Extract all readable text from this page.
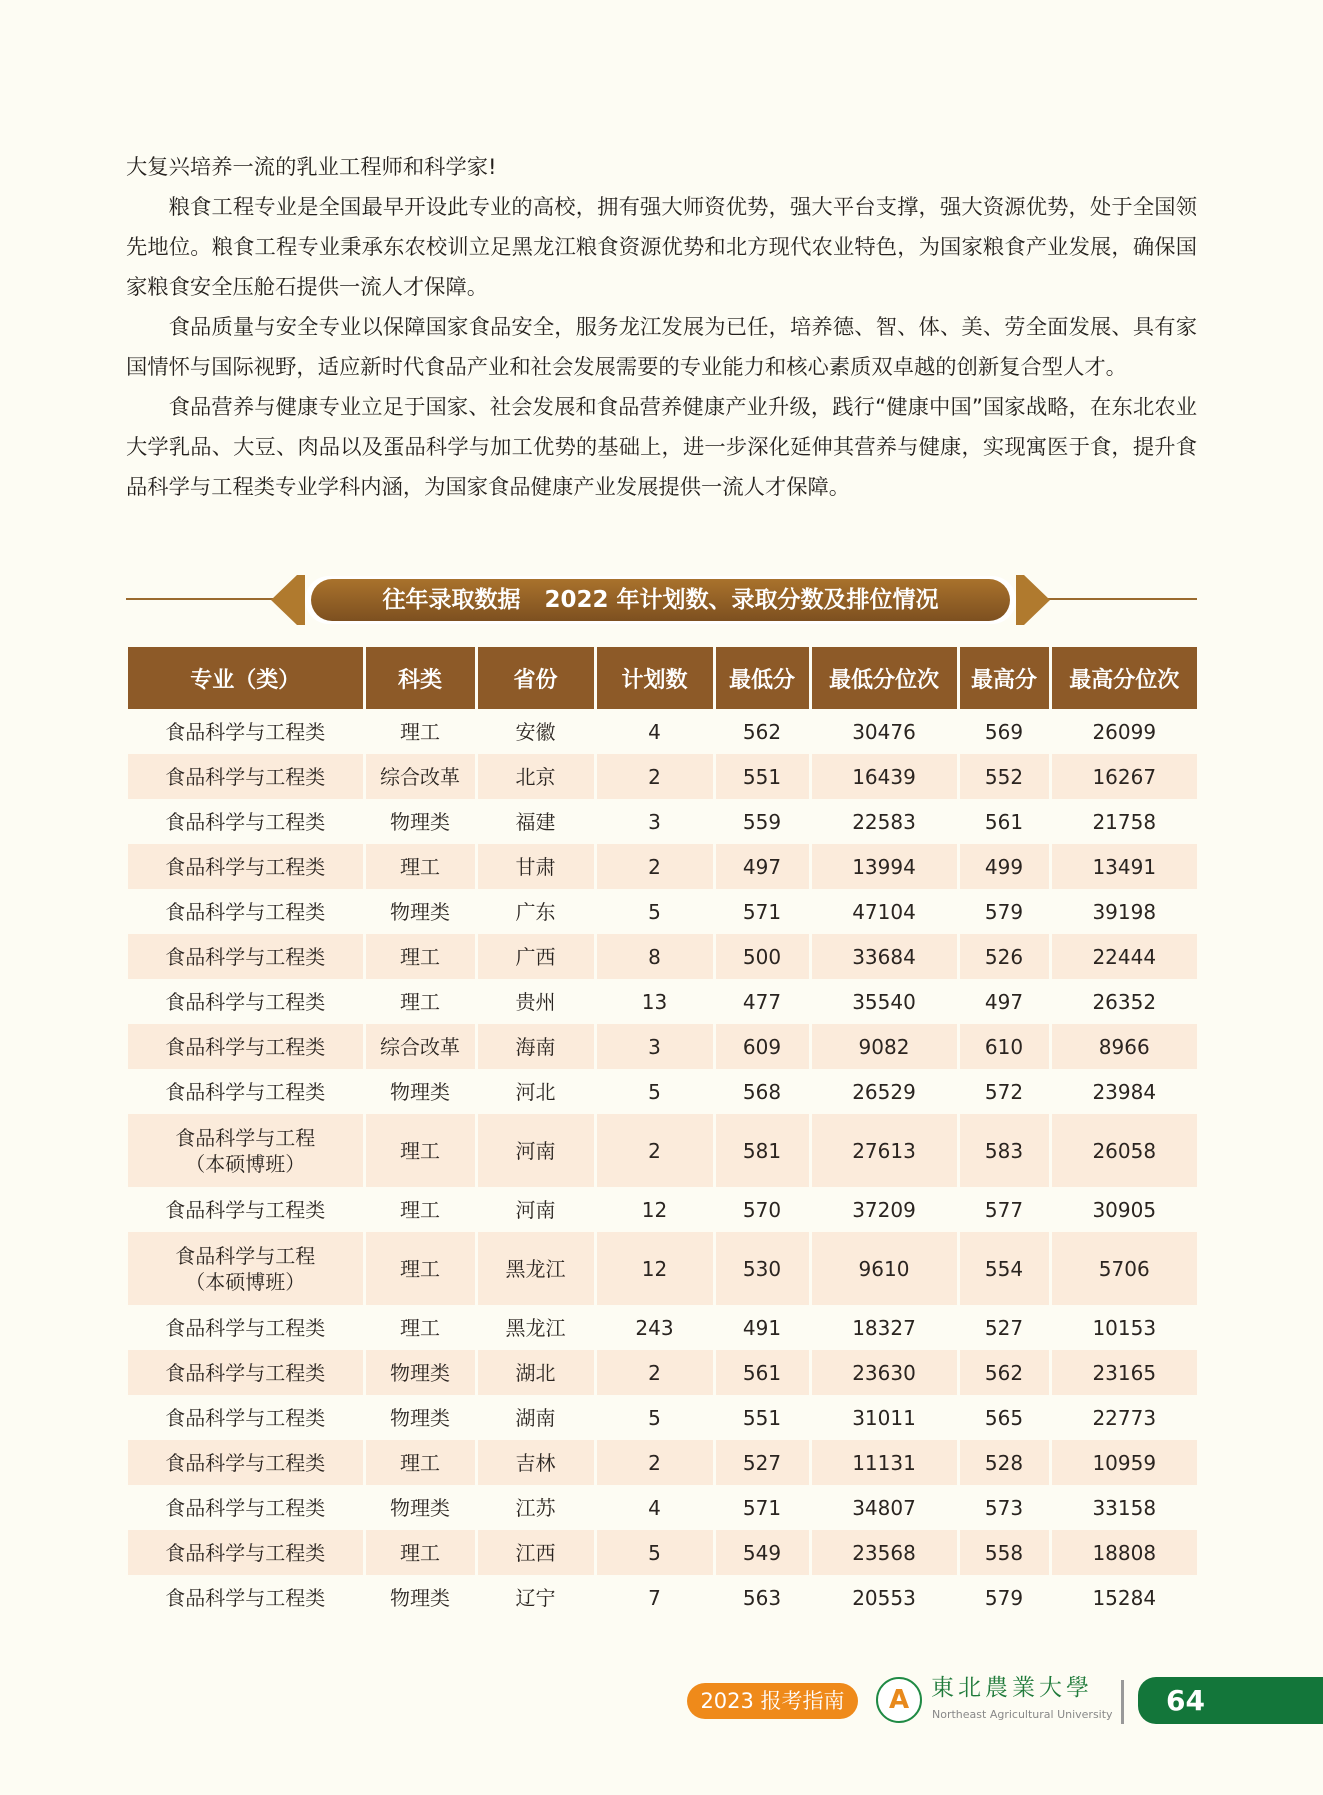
大复兴培养一流的乳业工程师和科学家!

粮食工程专业是全国最早开设此专业的高校，拥有强大师资优势，强大平台支撑，强大资源优势，处于全国领先地位。粮食工程专业秉承东农校训立足黑龙江粮食资源优势和北方现代农业特色，为国家粮食产业发展，确保国家粮食安全压舱石提供一流人才保障。

食品质量与安全专业以保障国家食品安全，服务龙江发展为已任，培养德、智、体、美、劳全面发展、具有家国情怀与国际视野，适应新时代食品产业和社会发展需要的专业能力和核心素质双卓越的创新复合型人才。

食品营养与健康专业立足于国家、社会发展和食品营养健康产业升级，践行“健康中国”国家战略，在东北农业大学乳品、大豆、肉品以及蛋品科学与加工优势的基础上，进一步深化延伸其营养与健康，实现寓医于食，提升食品科学与工程类专业学科内涵，为国家食品健康产业发展提供一流人才保障。

往年录取数据   2022 年计划数、录取分数及排位情况
专业（类）	科类	省份	计划数	最低分	最低分位次	最高分	最高分位次
食品科学与工程类	理工	安徽	4	562	30476	569	26099
食品科学与工程类	综合改革	北京	2	551	16439	552	16267
食品科学与工程类	物理类	福建	3	559	22583	561	21758
食品科学与工程类	理工	甘肃	2	497	13994	499	13491
食品科学与工程类	物理类	广东	5	571	47104	579	39198
食品科学与工程类	理工	广西	8	500	33684	526	22444
食品科学与工程类	理工	贵州	13	477	35540	497	26352
食品科学与工程类	综合改革	海南	3	609	9082	610	8966
食品科学与工程类	物理类	河北	5	568	26529	572	23984
食品科学与工程
（本硕博班）	理工	河南	2	581	27613	583	26058
食品科学与工程类	理工	河南	12	570	37209	577	30905
食品科学与工程
（本硕博班）	理工	黑龙江	12	530	9610	554	5706
食品科学与工程类	理工	黑龙江	243	491	18327	527	10153
食品科学与工程类	物理类	湖北	2	561	23630	562	23165
食品科学与工程类	物理类	湖南	5	551	31011	565	22773
食品科学与工程类	理工	吉林	2	527	11131	528	10959
食品科学与工程类	物理类	江苏	4	571	34807	573	33158
食品科学与工程类	理工	江西	5	549	23568	558	18808
食品科学与工程类	物理类	辽宁	7	563	20553	579	15284
2023 报考指南	A 東北農業大學
Northeast Agricultural University 64
